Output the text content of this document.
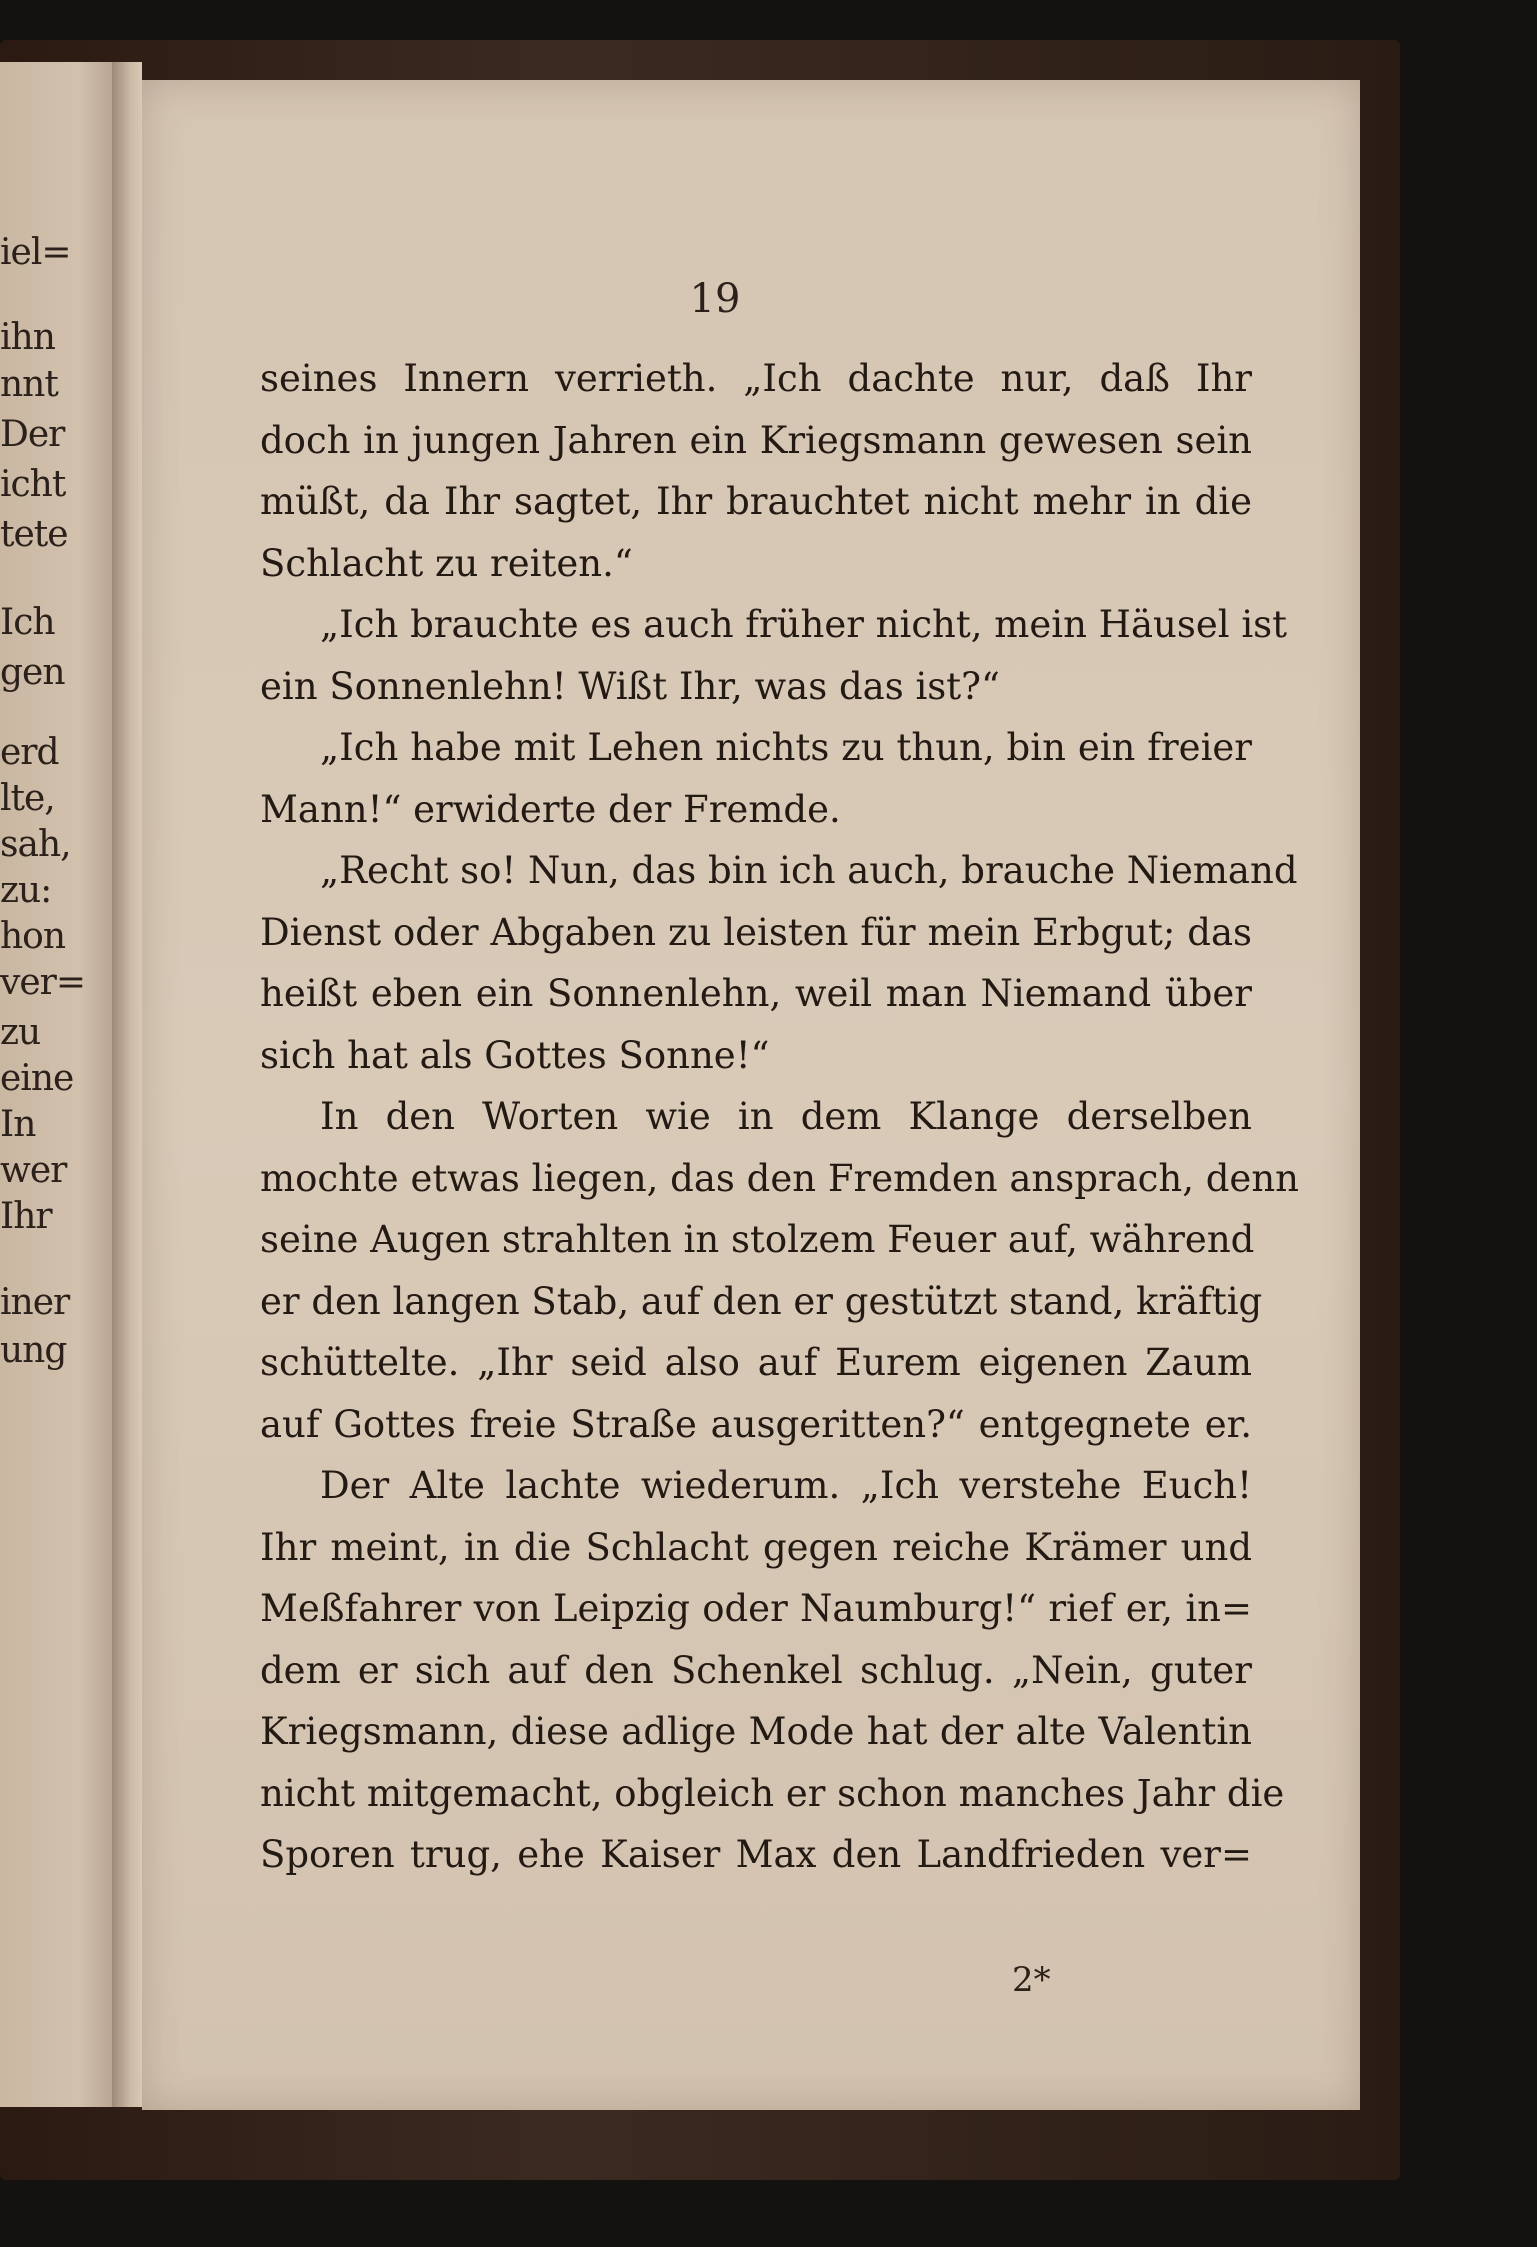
iel=
ihn
nnt
Der
icht
tete
Ich
gen
erd
lte,
sah,
zu:
hon
ver=
zu
eine
In
wer
Ihr
iner
ung
19
seines Innern verrieth. „Ich dachte nur, daß Ihr
doch in jungen Jahren ein Kriegsmann gewesen sein
müßt, da Ihr sagtet, Ihr brauchtet nicht mehr in die
Schlacht zu reiten.“
„Ich brauchte es auch früher nicht, mein Häusel ist
ein Sonnenlehn! Wißt Ihr, was das ist?“
„Ich habe mit Lehen nichts zu thun, bin ein freier
Mann!“ erwiderte der Fremde.
„Recht so! Nun, das bin ich auch, brauche Niemand
Dienst oder Abgaben zu leisten für mein Erbgut; das
heißt eben ein Sonnenlehn, weil man Niemand über
sich hat als Gottes Sonne!“
In den Worten wie in dem Klange derselben
mochte etwas liegen, das den Fremden ansprach, denn
seine Augen strahlten in stolzem Feuer auf, während
er den langen Stab, auf den er gestützt stand, kräftig
schüttelte. „Ihr seid also auf Eurem eigenen Zaum
auf Gottes freie Straße ausgeritten?“ entgegnete er.
Der Alte lachte wiederum. „Ich verstehe Euch!
Ihr meint, in die Schlacht gegen reiche Krämer und
Meßfahrer von Leipzig oder Naumburg!“ rief er, in=
dem er sich auf den Schenkel schlug. „Nein, guter
Kriegsmann, diese adlige Mode hat der alte Valentin
nicht mitgemacht, obgleich er schon manches Jahr die
Sporen trug, ehe Kaiser Max den Landfrieden ver=
2*
